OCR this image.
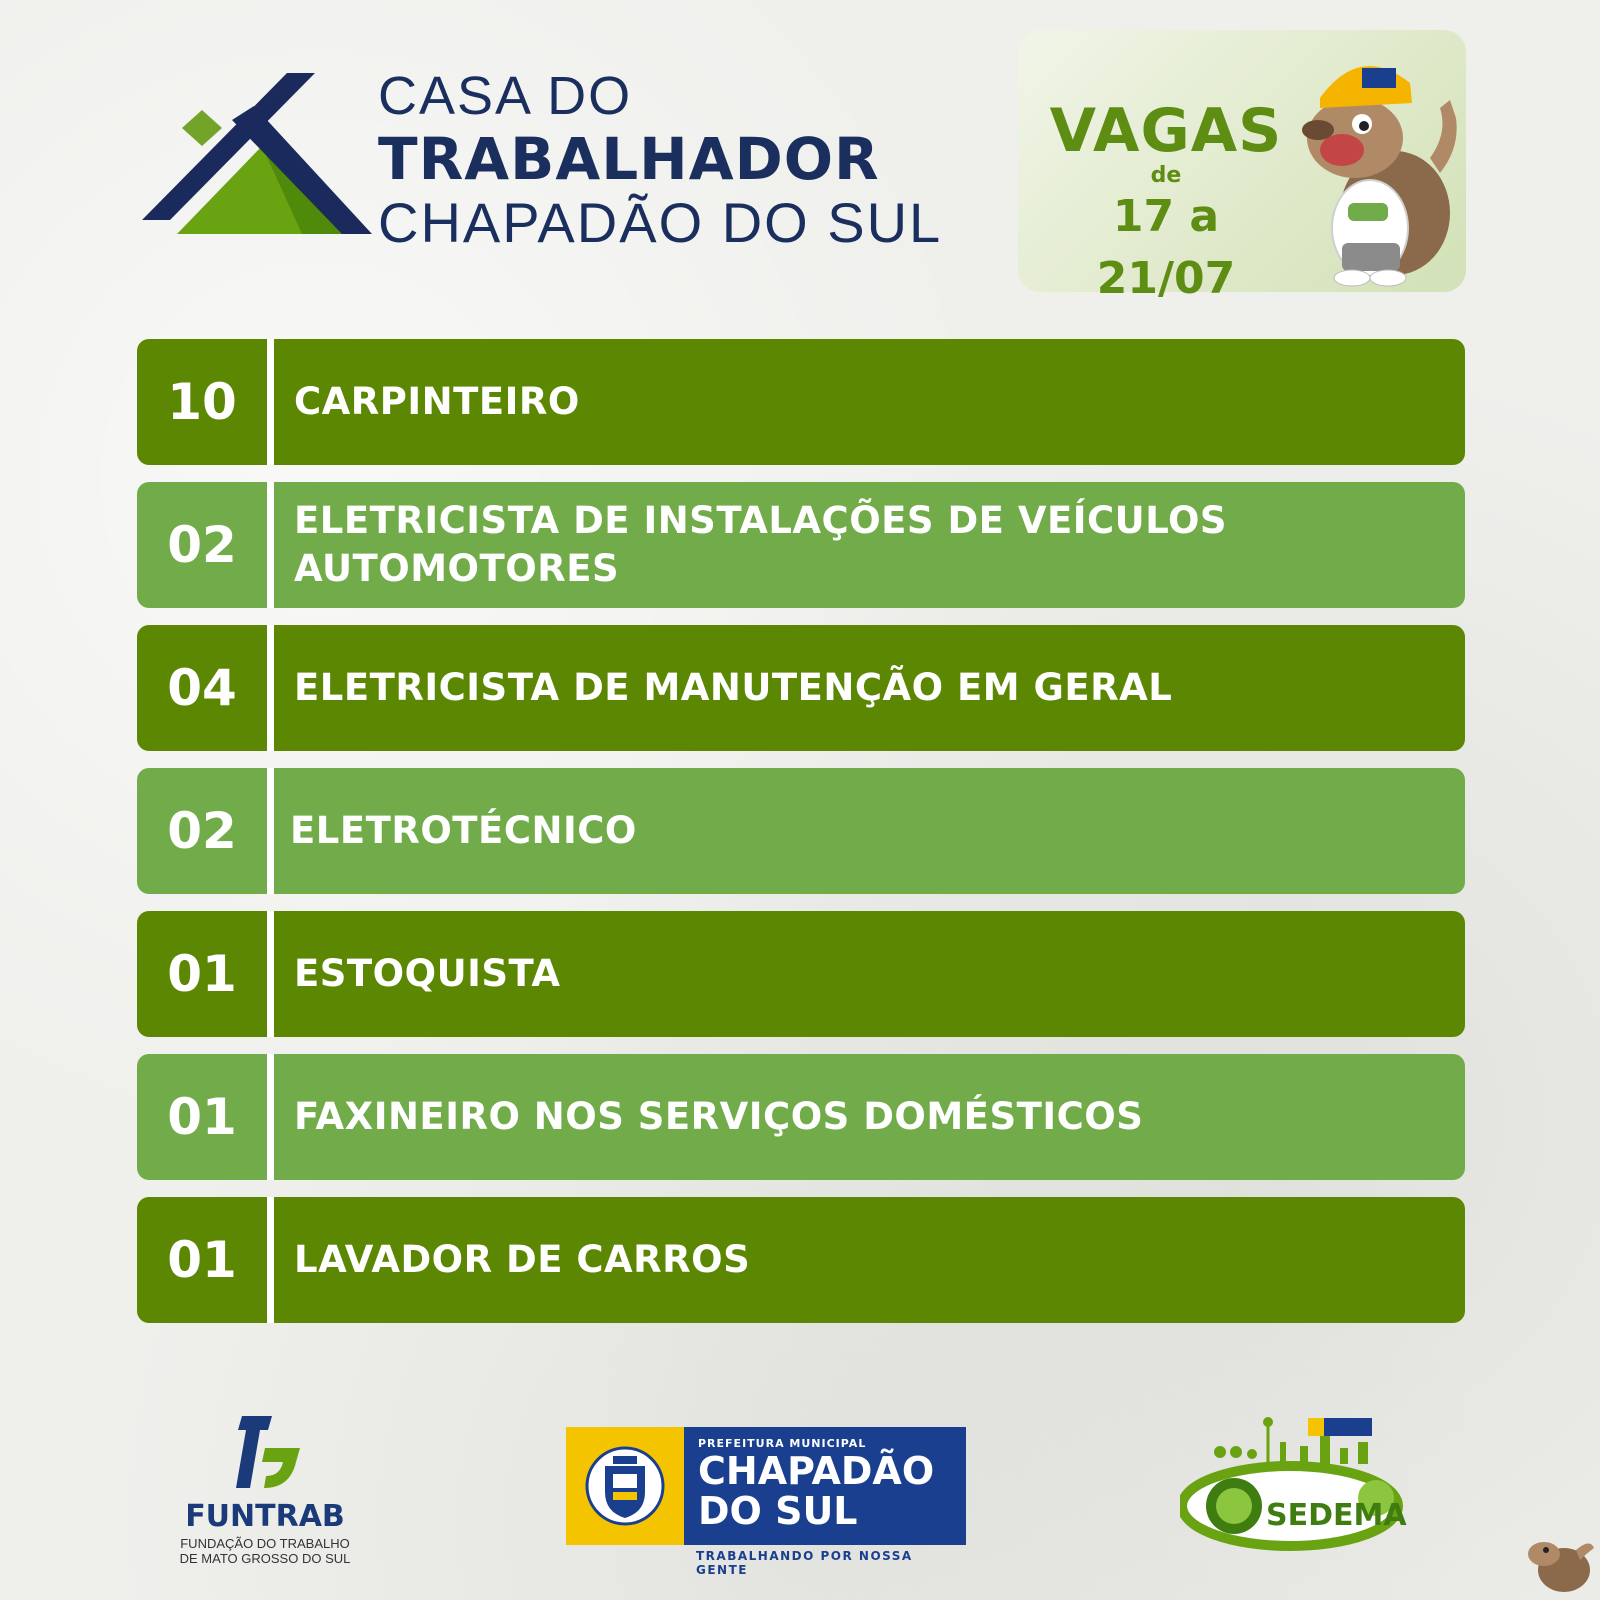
CASA DO
TRABALHADOR
CHAPADÃO DO SUL
VAGAS
de
17 a 21/07
10	CARPINTEIRO
02	ELETRICISTA DE INSTALAÇÕES DE VEÍCULOS AUTOMOTORES
04	ELETRICISTA DE MANUTENÇÃO EM GERAL
02	ELETROTÉCNICO
01	ESTOQUISTA
01	FAXINEIRO NOS SERVIÇOS DOMÉSTICOS
01	LAVADOR DE CARROS
FUNTRAB
FUNDAÇÃO DO TRABALHO
DE MATO GROSSO DO SUL
PREFEITURA MUNICIPAL
CHAPADÃO
DO SUL
TRABALHANDO POR NOSSA GENTE
SEDEMA
